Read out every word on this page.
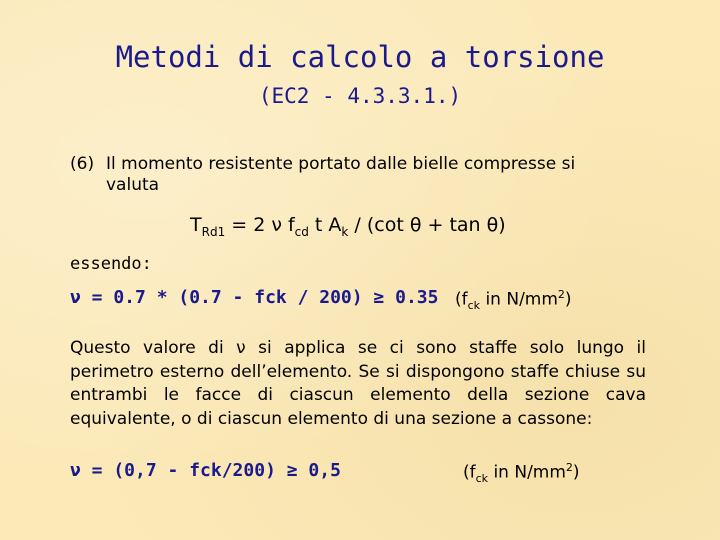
Metodi di calcolo a torsione
(EC2 - 4.3.3.1.)
(6) Il momento resistente portato dalle bielle compresse si
valuta
$T_{Rd1} = 2$ ν $f_{cd}$ t $A_k / (\cot$ θ + tan θ)
essendo:
ν = 0.7 * (0.7 - fck / 200) ≥ 0.35 ($f_{ck}$ in $N/mm^2$)
Questo valore di ν si applica se ci sono staffe solo lungo il perimetro esterno dell’elemento. Se si dispongono staffe chiuse su entrambi le facce di ciascun elemento della sezione cava equivalente, o di ciascun elemento di una sezione a cassone:
ν = (0,7 - fck/200) ≥ 0,5	($f_{ck}$ in $N/mm^2$)
